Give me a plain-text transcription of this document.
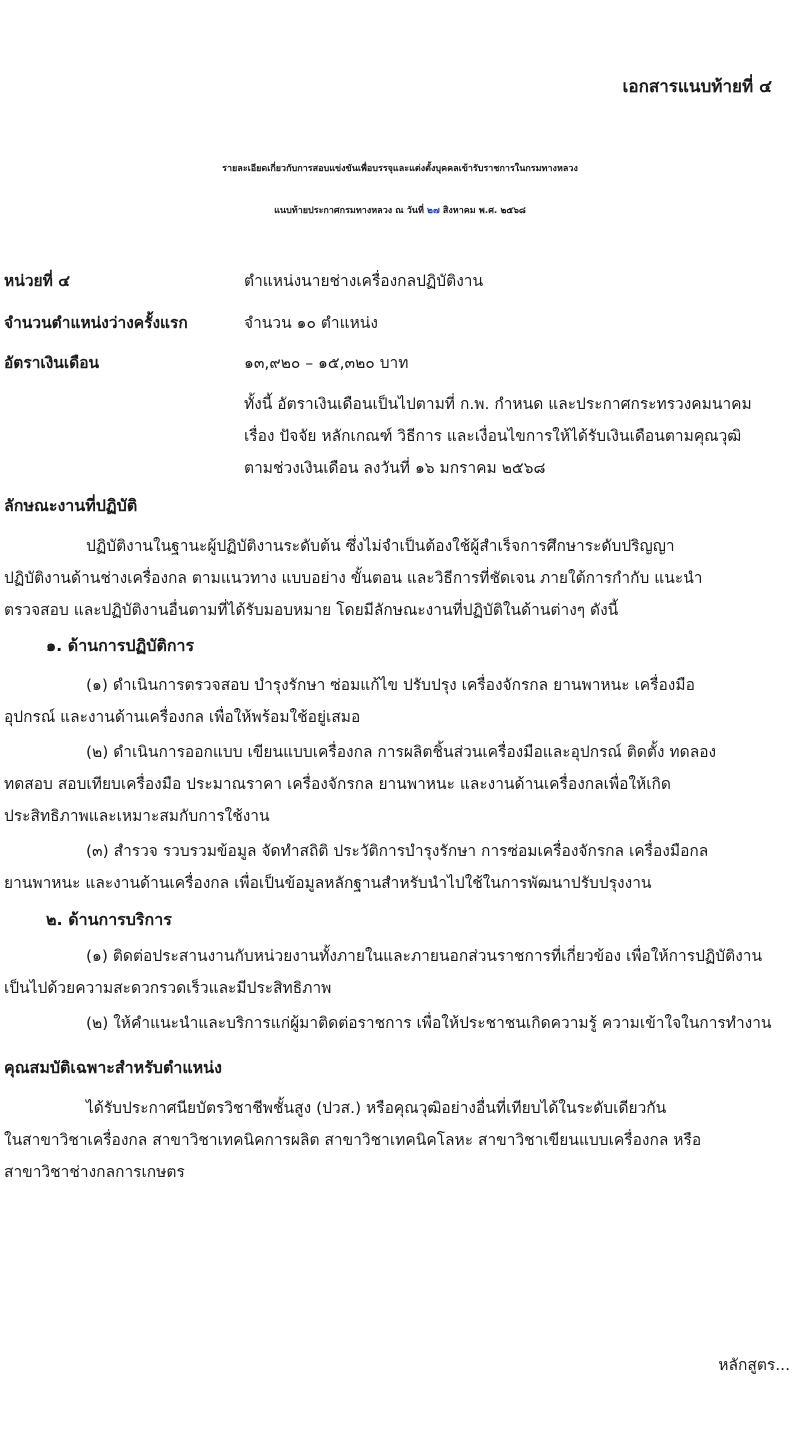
เอกสารแนบท้ายที่ ๔
รายละเอียดเกี่ยวกับการสอบแข่งขันเพื่อบรรจุและแต่งตั้งบุคคลเข้ารับราชการในกรมทางหลวง
แนบท้ายประกาศกรมทางหลวง ณ วันที่ ๒๗ สิงหาคม พ.ศ. ๒๕๖๘
หน่วยที่ ๔	ตำแหน่งนายช่างเครื่องกลปฏิบัติงาน
จำนวนตำแหน่งว่างครั้งแรก	จำนวน ๑๐ ตำแหน่ง
อัตราเงินเดือน	๑๓,๙๒๐ – ๑๕,๓๒๐ บาท
ทั้งนี้ อัตราเงินเดือนเป็นไปตามที่ ก.พ. กำหนด และประกาศกระทรวงคมนาคม
เรื่อง ปัจจัย หลักเกณฑ์ วิธีการ และเงื่อนไขการให้ได้รับเงินเดือนตามคุณวุฒิ
ตามช่วงเงินเดือน ลงวันที่ ๑๖ มกราคม ๒๕๖๘
ลักษณะงานที่ปฏิบัติ
ปฏิบัติงานในฐานะผู้ปฏิบัติงานระดับต้น ซึ่งไม่จำเป็นต้องใช้ผู้สำเร็จการศึกษาระดับปริญญา
ปฏิบัติงานด้านช่างเครื่องกล ตามแนวทาง แบบอย่าง ขั้นตอน และวิธีการที่ชัดเจน ภายใต้การกำกับ แนะนำ
ตรวจสอบ และปฏิบัติงานอื่นตามที่ได้รับมอบหมาย โดยมีลักษณะงานที่ปฏิบัติในด้านต่างๆ ดังนี้
๑. ด้านการปฏิบัติการ
(๑) ดำเนินการตรวจสอบ บำรุงรักษา ซ่อมแก้ไข ปรับปรุง เครื่องจักรกล ยานพาหนะ เครื่องมือ
อุปกรณ์ และงานด้านเครื่องกล เพื่อให้พร้อมใช้อยู่เสมอ
(๒) ดำเนินการออกแบบ เขียนแบบเครื่องกล การผลิตชิ้นส่วนเครื่องมือและอุปกรณ์ ติดตั้ง ทดลอง
ทดสอบ สอบเทียบเครื่องมือ ประมาณราคา เครื่องจักรกล ยานพาหนะ และงานด้านเครื่องกลเพื่อให้เกิด
ประสิทธิภาพและเหมาะสมกับการใช้งาน
(๓) สำรวจ รวบรวมข้อมูล จัดทำสถิติ ประวัติการบำรุงรักษา การซ่อมเครื่องจักรกล เครื่องมือกล
ยานพาหนะ และงานด้านเครื่องกล เพื่อเป็นข้อมูลหลักฐานสำหรับนำไปใช้ในการพัฒนาปรับปรุงงาน
๒. ด้านการบริการ
(๑) ติดต่อประสานงานกับหน่วยงานทั้งภายในและภายนอกส่วนราชการที่เกี่ยวข้อง เพื่อให้การปฏิบัติงาน
เป็นไปด้วยความสะดวกรวดเร็วและมีประสิทธิภาพ
(๒) ให้คำแนะนำและบริการแก่ผู้มาติดต่อราชการ เพื่อให้ประชาชนเกิดความรู้ ความเข้าใจในการทำงาน
คุณสมบัติเฉพาะสำหรับตำแหน่ง
ได้รับประกาศนียบัตรวิชาชีพชั้นสูง (ปวส.) หรือคุณวุฒิอย่างอื่นที่เทียบได้ในระดับเดียวกัน
ในสาขาวิชาเครื่องกล สาขาวิชาเทคนิคการผลิต สาขาวิชาเทคนิคโลหะ สาขาวิชาเขียนแบบเครื่องกล หรือ
สาขาวิชาช่างกลการเกษตร
หลักสูตร...
